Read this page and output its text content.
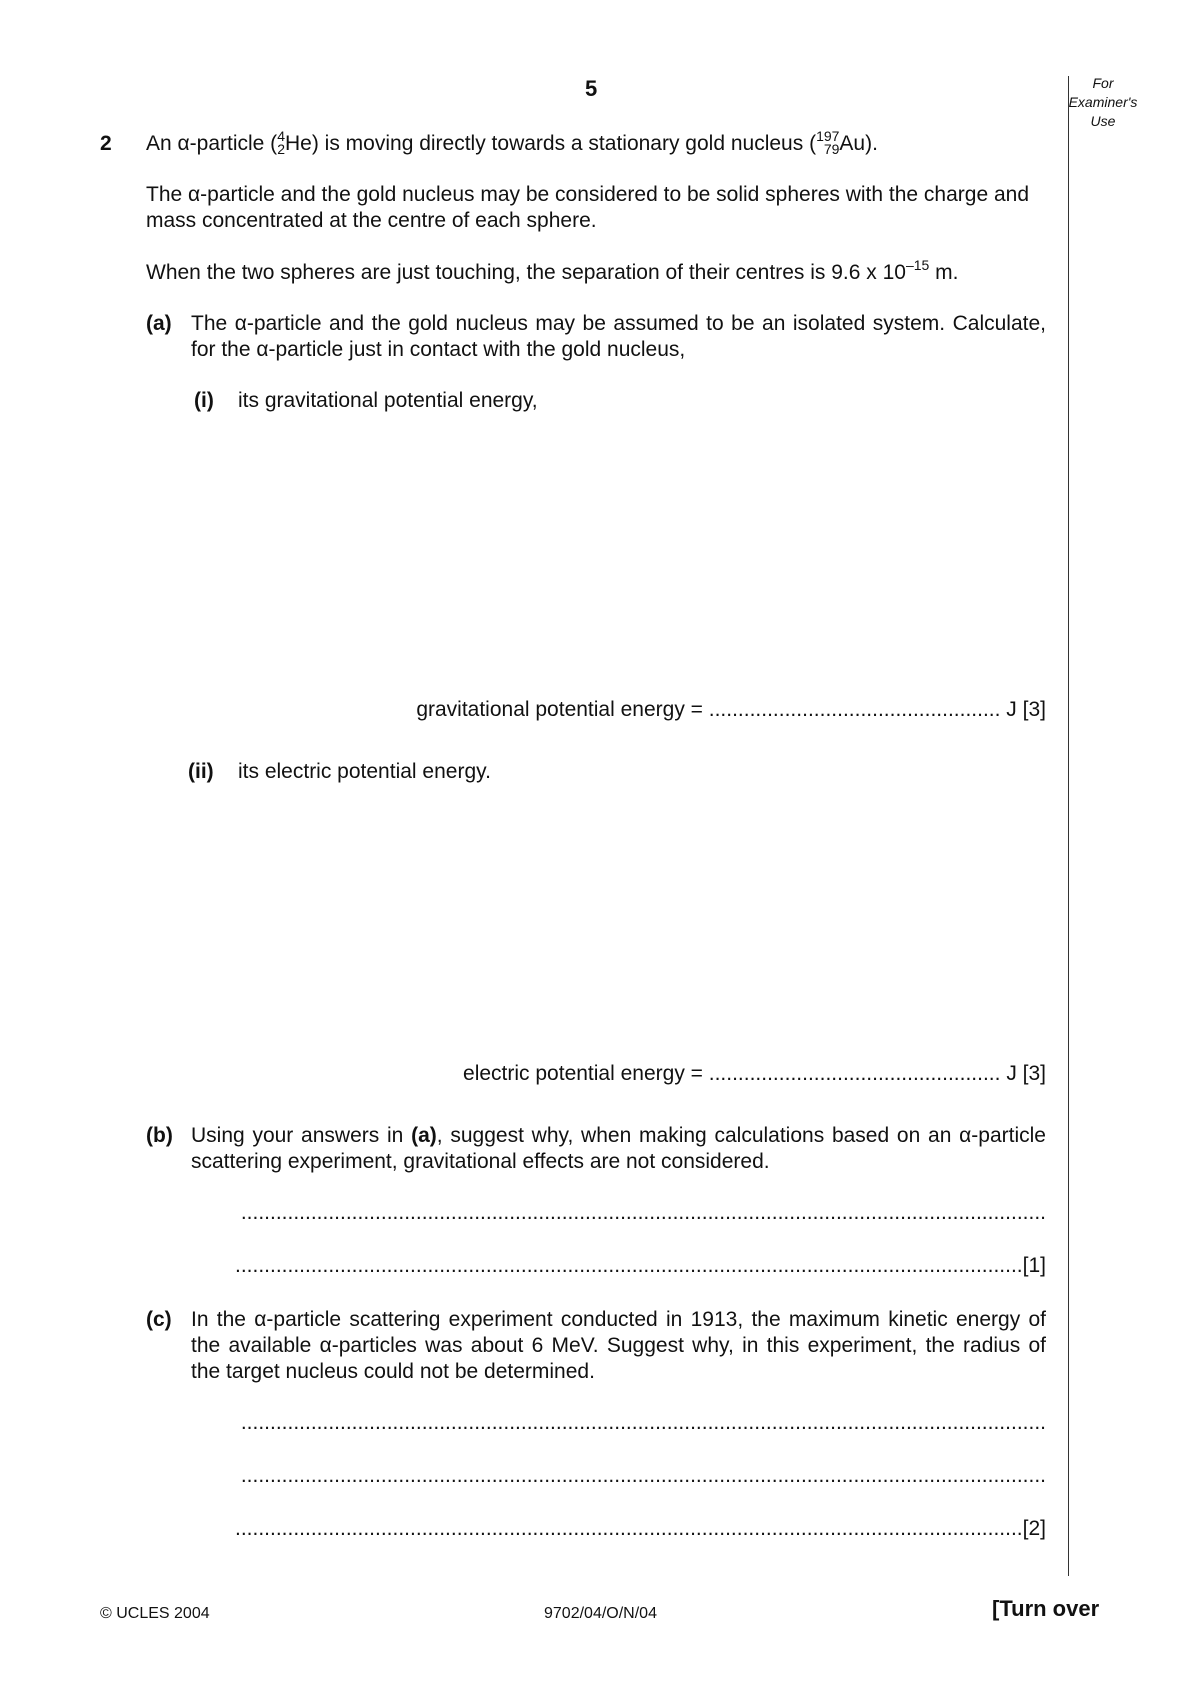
5	For
Examiner's
Use
2 An α-particle ( 4
2 He) is moving directly towards a stationary gold nucleus ( 197
79 Au).
The α-particle and the gold nucleus may be considered to be solid spheres with the charge and mass concentrated at the centre of each sphere.
When the two spheres are just touching, the separation of their centres is 9.6 x $10^{-15}$ m.
(a) The α-particle and the gold nucleus may be assumed to be an isolated system. Calculate, for the α-particle just in contact with the gold nucleus,
(i) its gravitational potential energy,
gravitational potential energy = .................................................. J [3]
(ii) its electric potential energy.
electric potential energy = .................................................. J [3]
(b) Using your answers in (a), suggest why, when making calculations based on an α-particle scattering experiment, gravitational effects are not considered.
..........................................................................................................................................
.......................................................................................................................................[1]
(c) In the α-particle scattering experiment conducted in 1913, the maximum kinetic energy of the available α-particles was about 6 MeV. Suggest why, in this experiment, the radius of the target nucleus could not be determined.
..........................................................................................................................................
..........................................................................................................................................
.......................................................................................................................................[2]
© UCLES 2004	9702/04/O/N/04	[Turn over
